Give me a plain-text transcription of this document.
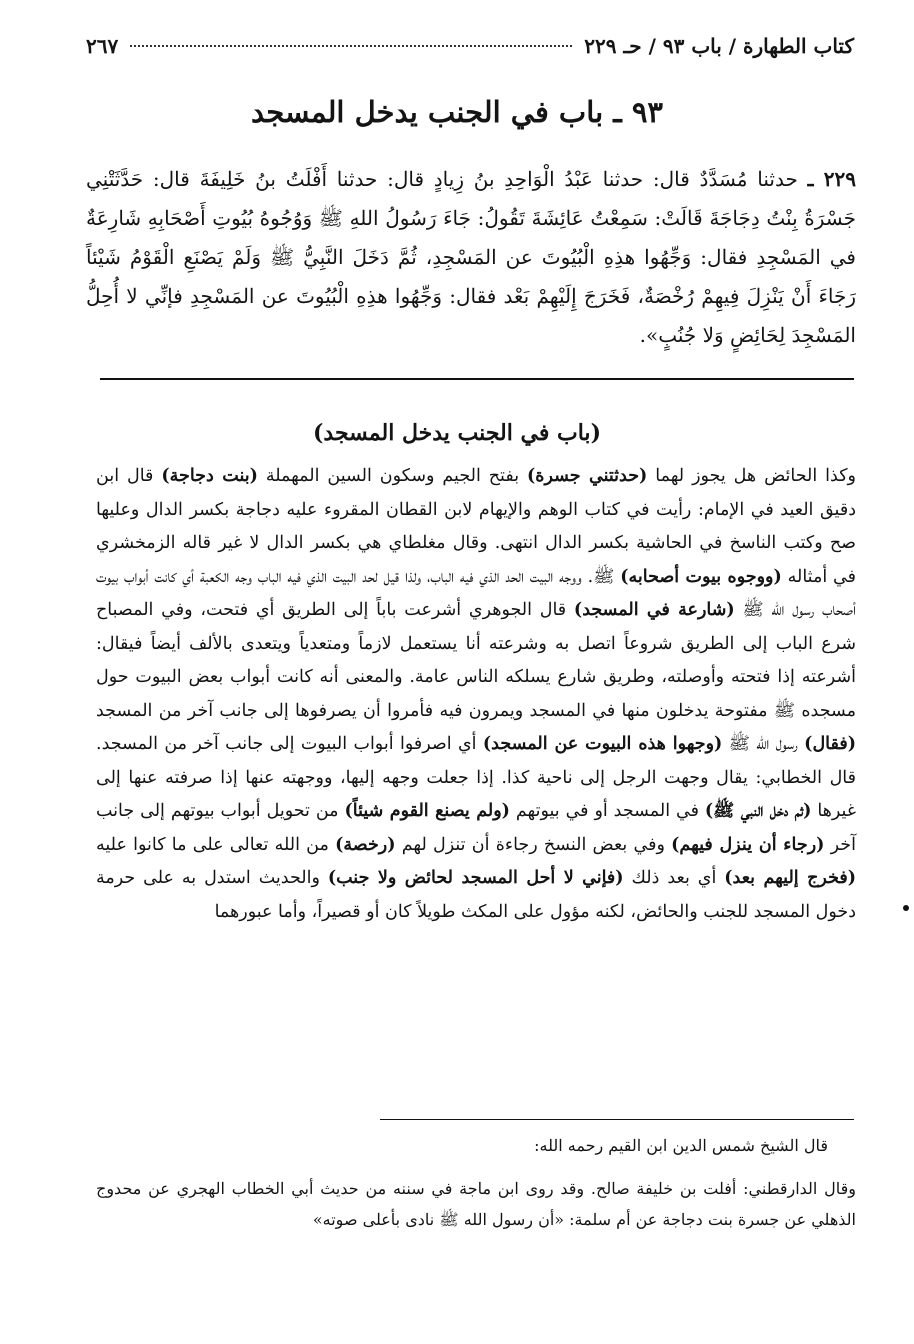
كتاب الطهارة / باب ٩٣ / حـ ٢٢٩
٢٦٧
٩٣ ـ باب في الجنب يدخل المسجد
٢٢٩ ـ حدثنا مُسَدَّدٌ قال: حدثنا عَبْدُ الْوَاحِدِ بنُ زِيادٍ قال: حدثنا أَفْلَتُ بنُ خَلِيفَةَ قال: حَدَّثَتْنِي جَسْرَةُ بِنْتُ دِجَاجَةَ قَالَتْ: سَمِعْتُ عَائِشَةَ تَقُولُ: جَاءَ رَسُولُ اللهِ ﷺ وَوُجُوهُ بُيُوتِ أَصْحَابِهِ شَارِعَةٌ في المَسْجِدِ فقال: وَجِّهُوا هذِهِ الْبُيُوتَ عن المَسْجِدِ، ثُمَّ دَخَلَ النَّبِيُّ ﷺ وَلَمْ يَصْنَعِ الْقَوْمُ شَيْئاً رَجَاءَ أَنْ يَنْزِلَ فِيهِمْ رُخْصَةٌ، فَخَرَجَ إِلَيْهِمْ بَعْد فقال: وَجِّهُوا هذِهِ الْبُيُوتَ عن المَسْجِدِ فإنِّي لا أُحِلُّ المَسْجِدَ لِحَائِضٍ وَلا جُنُبٍ».
(باب في الجنب يدخل المسجد)
وكذا الحائض هل يجوز لهما (حدثتني جسرة) بفتح الجيم وسكون السين المهملة (بنت دجاجة) قال ابن دقيق العيد في الإمام: رأيت في كتاب الوهم والإيهام لابن القطان المقروء عليه دجاجة بكسر الدال وعليها صح وكتب الناسخ في الحاشية بكسر الدال انتهى. وقال مغلطاي هي بكسر الدال لا غير قاله الزمخشري في أمثاله (ووجوه بيوت أصحابه) ﷺ. ووجه البيت الحد الذي فيه الباب، ولذا قيل لحد البيت الذي فيه الباب وجه الكعبة أي كانت أبواب بيوت أصحاب رسول الله ﷺ (شارعة في المسجد) قال الجوهري أشرعت باباً إلى الطريق أي فتحت، وفي المصباح شرع الباب إلى الطريق شروعاً اتصل به وشرعته أنا يستعمل لازماً ومتعدياً ويتعدى بالألف أيضاً فيقال: أشرعته إذا فتحته وأوصلته، وطريق شارع يسلكه الناس عامة. والمعنى أنه كانت أبواب بعض البيوت حول مسجده ﷺ مفتوحة يدخلون منها في المسجد ويمرون فيه فأمروا أن يصرفوها إلى جانب آخر من المسجد (فقال) رسول الله ﷺ (وجهوا هذه البيوت عن المسجد) أي اصرفوا أبواب البيوت إلى جانب آخر من المسجد. قال الخطابي: يقال وجهت الرجل إلى ناحية كذا. إذا جعلت وجهه إليها، ووجهته عنها إذا صرفته عنها إلى غيرها (ثم دخل النبي ﷺ) في المسجد أو في بيوتهم (ولم يصنع القوم شيئاً) من تحويل أبواب بيوتهم إلى جانب آخر (رجاء أن ينزل فيهم) وفي بعض النسخ رجاءة أن تنزل لهم (رخصة) من الله تعالى على ما كانوا عليه (فخرج إليهم بعد) أي بعد ذلك (فإني لا أحل المسجد لحائض ولا جنب) والحديث استدل به على حرمة دخول المسجد للجنب والحائض، لكنه مؤول على المكث طويلاً كان أو قصيراً، وأما عبورهما
قال الشيخ شمس الدين ابن القيم رحمه الله:
وقال الدارقطني: أفلت بن خليفة صالح. وقد روى ابن ماجة في سننه من حديث أبي الخطاب الهجري عن محدوج الذهلي عن جسرة بنت دجاجة عن أم سلمة: «أن رسول الله ﷺ نادى بأعلى صوته»
